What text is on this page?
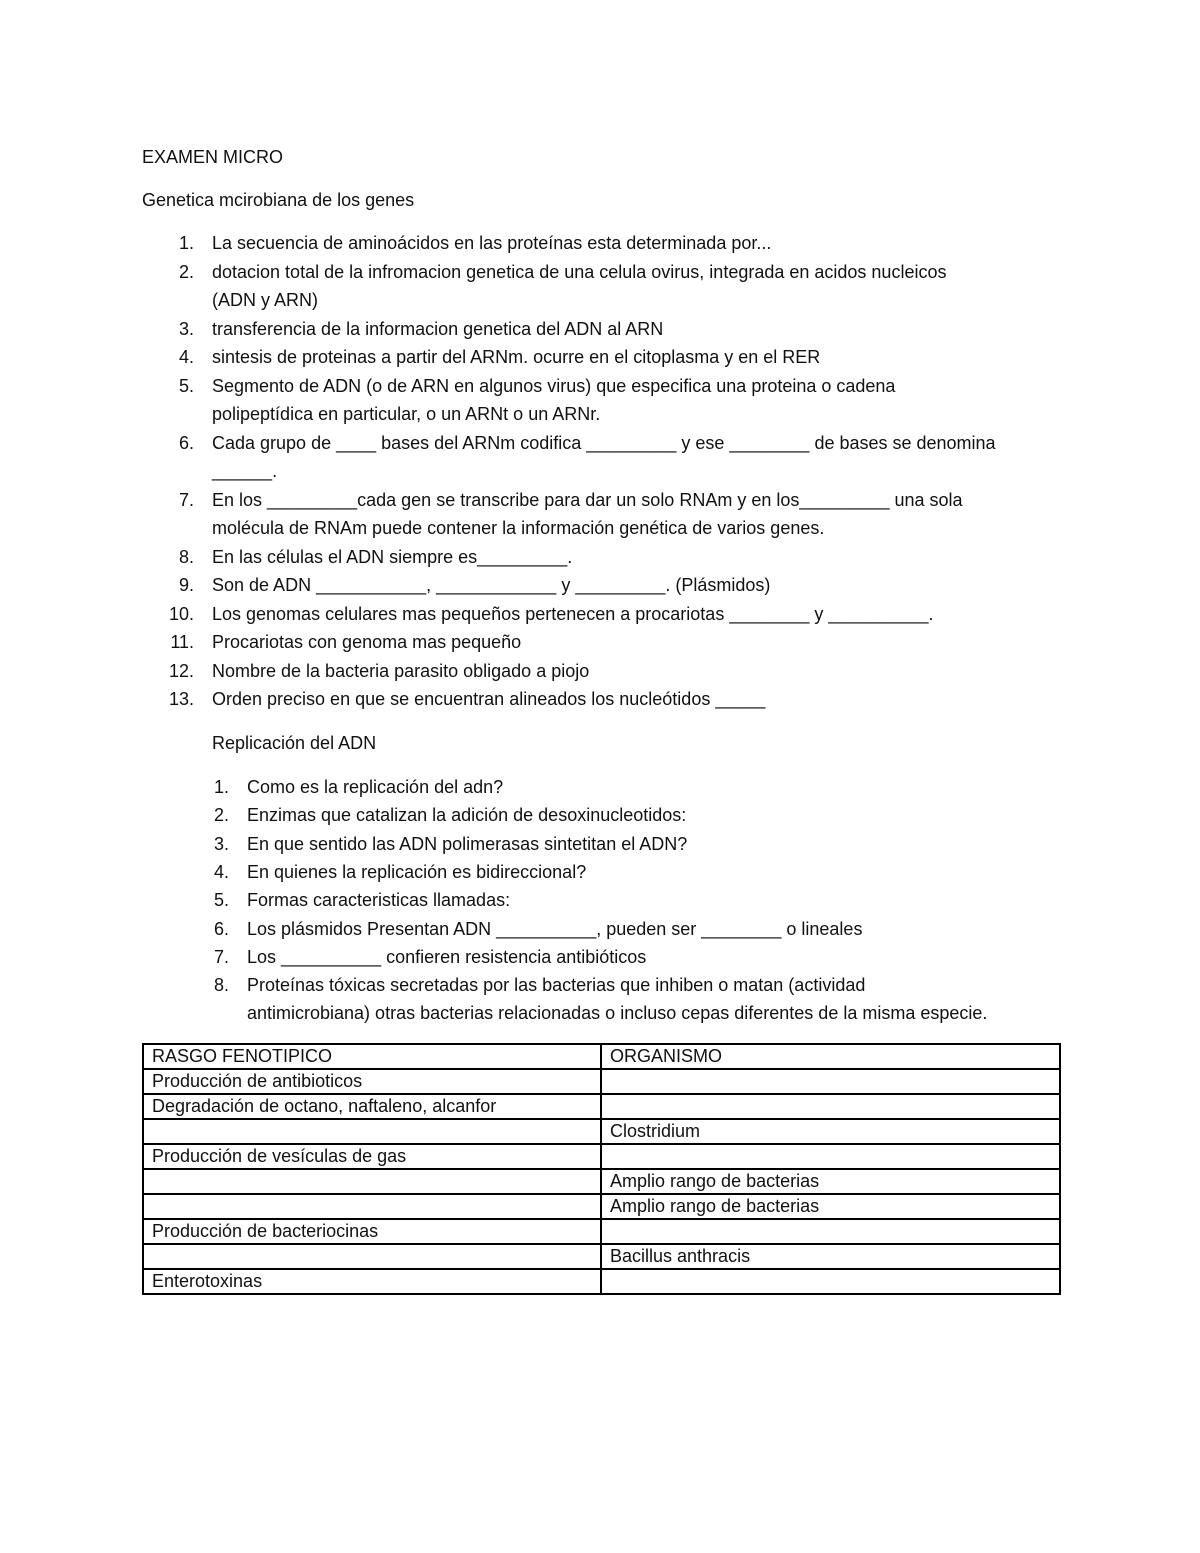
EXAMEN MICRO
Genetica mcirobiana de los genes
1. La secuencia de aminoácidos en las proteínas esta determinada por...
2. dotacion total de la infromacion genetica de una celula ovirus, integrada en acidos nucleicos
(ADN y ARN)
3. transferencia de la informacion genetica del ADN al ARN
4. sintesis de proteinas a partir del ARNm. ocurre en el citoplasma y en el RER
5. Segmento de ADN (o de ARN en algunos virus) que especifica una proteina o cadena
polipeptídica en particular, o un ARNt o un ARNr.
6. Cada grupo de ____ bases del ARNm codifica _________ y ese ________ de bases se denomina
______.
7. En los _________cada gen se transcribe para dar un solo RNAm y en los_________ una sola
molécula de RNAm puede contener la información genética de varios genes.
8. En las células el ADN siempre es_________.
9. Son de ADN ___________, ____________ y _________. (Plásmidos)
10. Los genomas celulares mas pequeños pertenecen a procariotas ________ y __________.
11. Procariotas con genoma mas pequeño
12. Nombre de la bacteria parasito obligado a piojo
13. Orden preciso en que se encuentran alineados los nucleótidos _____
Replicación del ADN
1. Como es la replicación del adn?
2. Enzimas que catalizan la adición de desoxinucleotidos:
3. En que sentido las ADN polimerasas sintetitan el ADN?
4. En quienes la replicación es bidireccional?
5. Formas caracteristicas llamadas:
6. Los plásmidos Presentan ADN __________, pueden ser ________ o lineales
7. Los __________ confieren resistencia antibióticos
8. Proteínas tóxicas secretadas por las bacterias que inhiben o matan (actividad
antimicrobiana) otras bacterias relacionadas o incluso cepas diferentes de la misma especie.
RASGO FENOTIPICO	ORGANISMO
Producción de antibioticos	
Degradación de octano, naftaleno, alcanfor	
	Clostridium
Producción de vesículas de gas	
	Amplio rango de bacterias
	Amplio rango de bacterias
Producción de bacteriocinas	
	Bacillus anthracis
Enterotoxinas	
